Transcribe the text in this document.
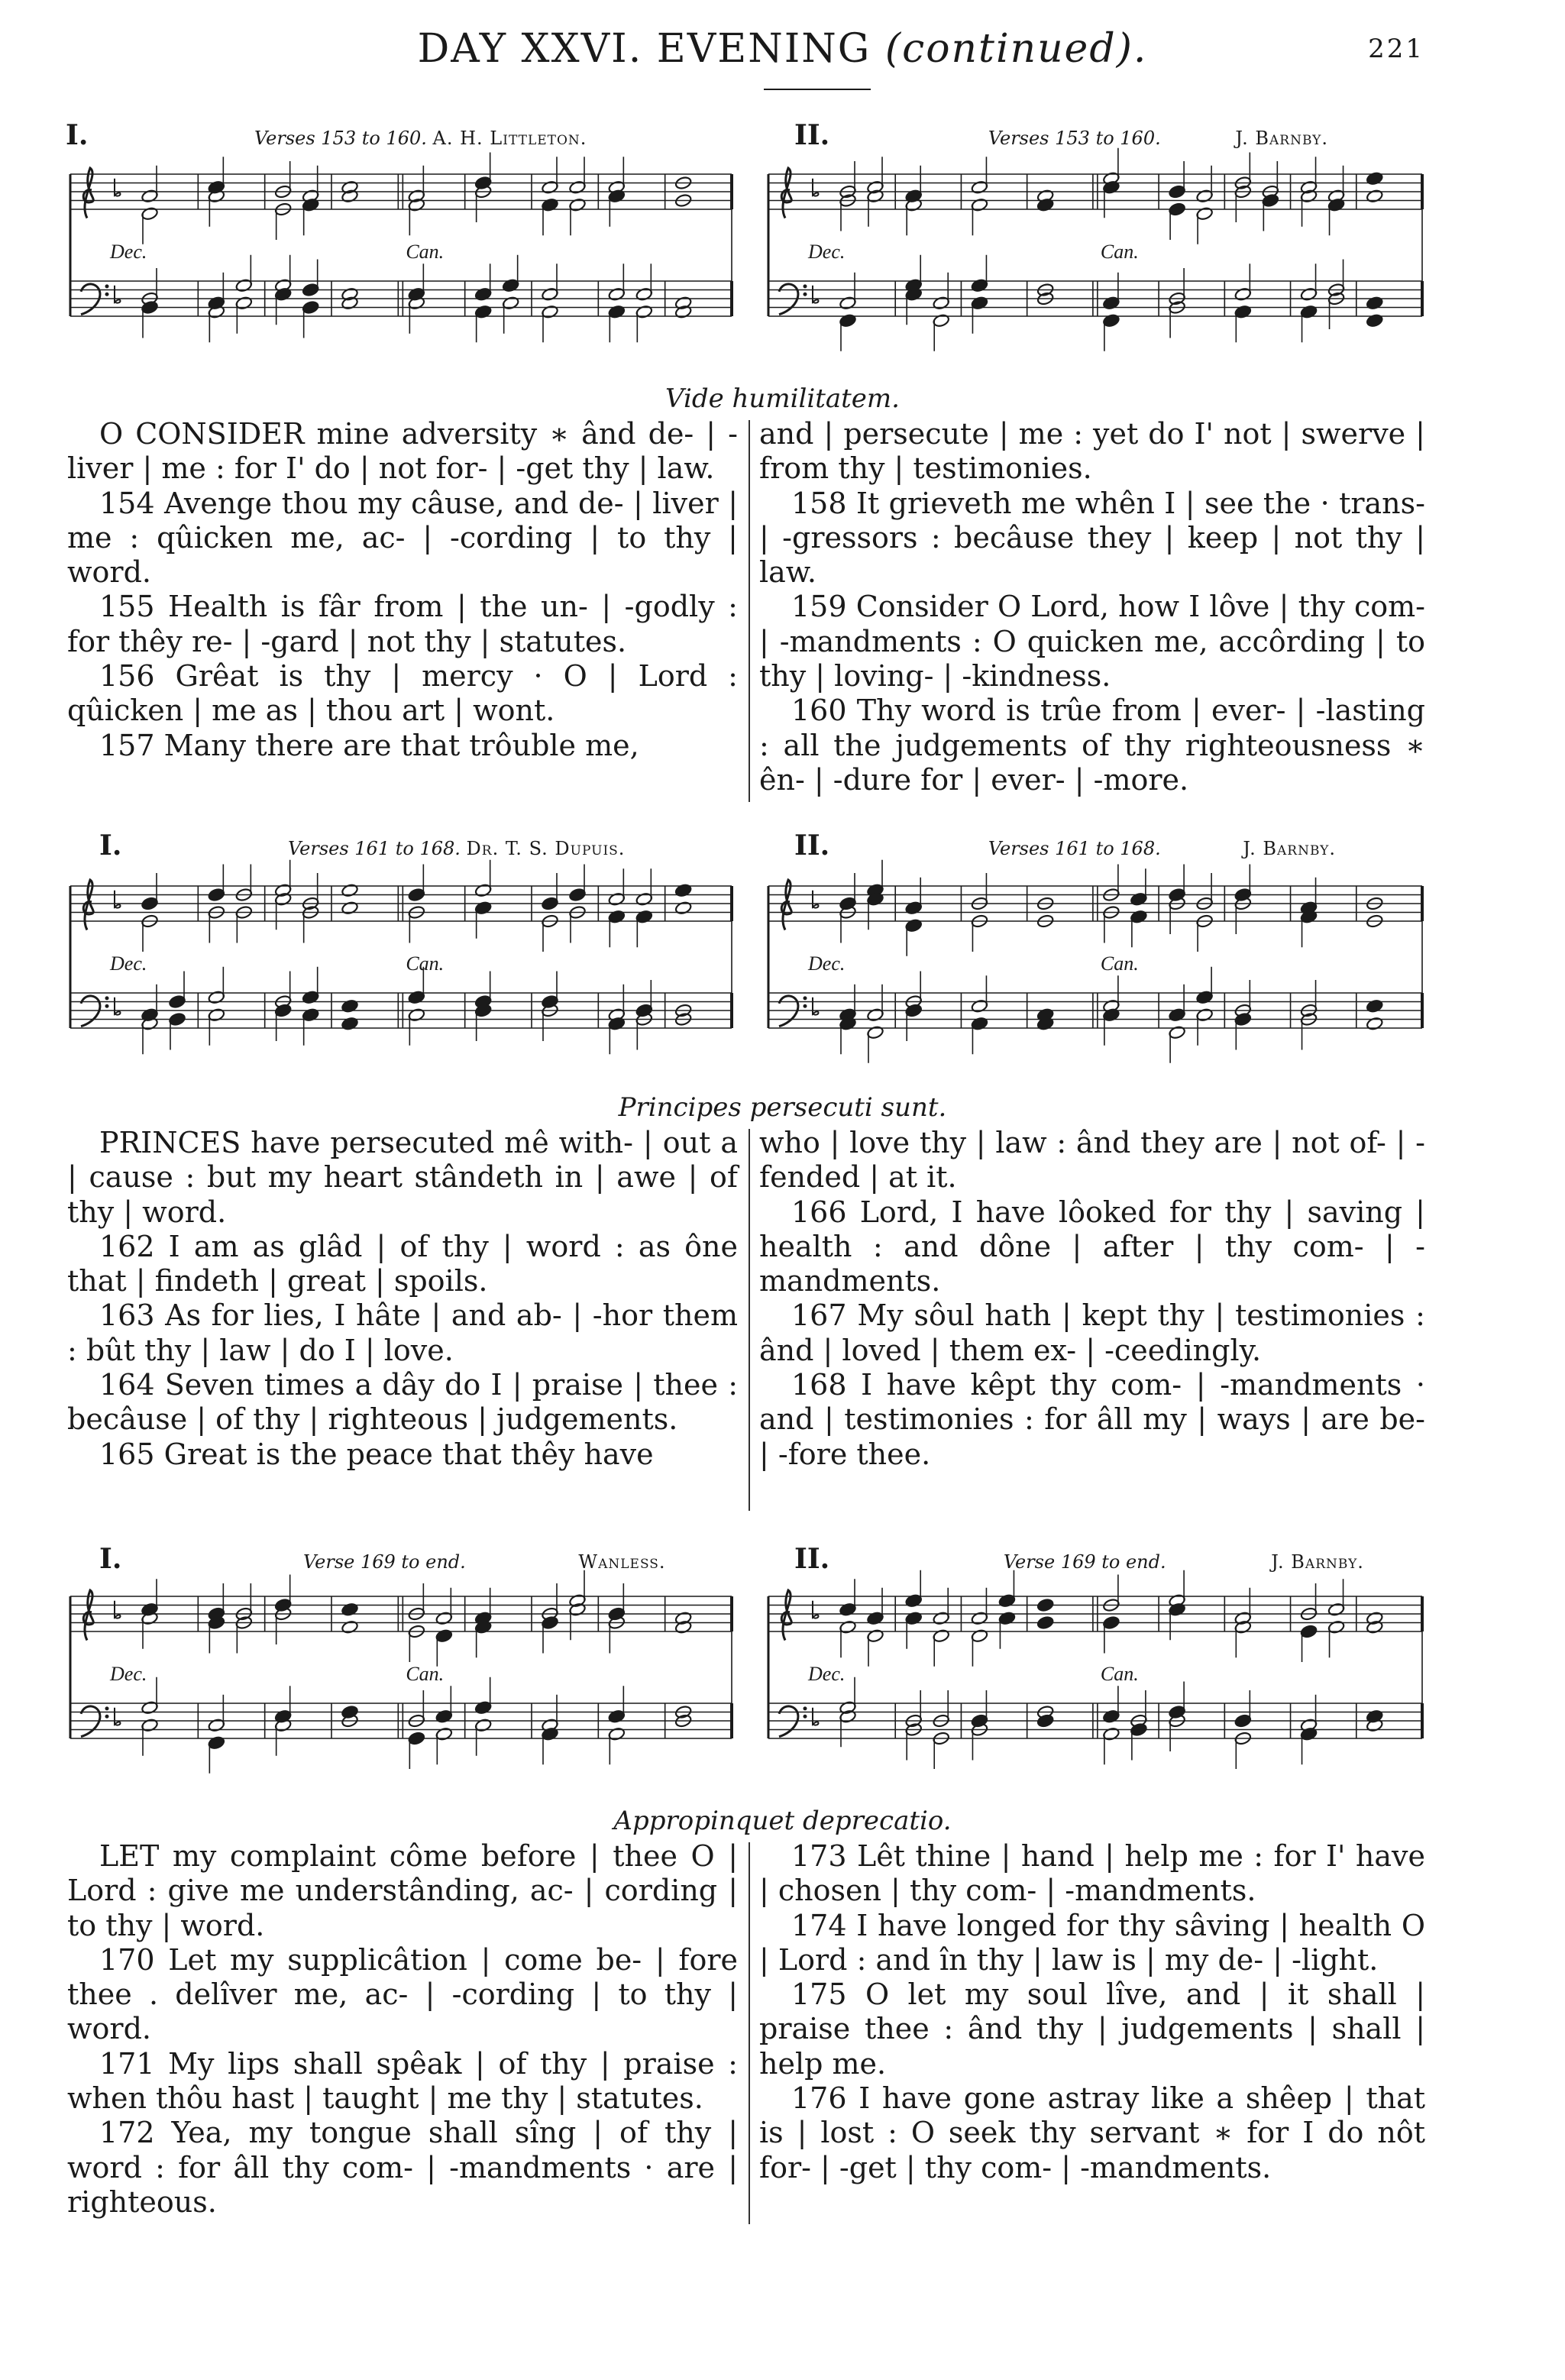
DAY XXVI. EVENING (continued).	221
I.	Verses 153 to 160. A. H. Littleton.	II.	Verses 153 to 160.	J. Barnby.
Dec.	Can.	Dec.	Can.
Vide humilitatem.

O CONSIDER mine adversity ∗ ând de- | -liver | me : for I' do | not for- | -get thy | law.

154 Avenge thou my câuse, and de- | liver | me : qûicken me, ac- | -cording | to thy | word.

155 Health is fâr from | the un- | -godly : for thêy re- | -gard | not thy | statutes.

156 Grêat is thy | mercy · O | Lord : qûicken | me as | thou art | wont.

157 Many there are that trôuble me,

and | persecute | me : yet do I' not | swerve | from thy | testimonies.

158 It grieveth me whên I | see the · trans- | -gressors : becâuse they | keep | not thy | law.

159 Consider O Lord, how I lôve | thy com- | -mandments : O quicken me, accôrding | to thy | loving- | -kindness.

160 Thy word is trûe from | ever- | -lasting : all the judgements of thy righteousness ∗ ên- | -dure for | ever- | -more.

I.	Verses 161 to 168. Dr. T. S. Dupuis.	II.	Verses 161 to 168.	J. Barnby.
Dec.	Can.	Dec.	Can.
Principes persecuti sunt.

PRINCES have persecuted mê with- | out a | cause : but my heart stândeth in | awe | of thy | word.

162 I am as glâd | of thy | word : as ône that | findeth | great | spoils.

163 As for lies, I hâte | and ab- | -hor them : bût thy | law | do I | love.

164 Seven times a dây do I | praise | thee : becâuse | of thy | righteous | judgements.

165 Great is the peace that thêy have

who | love thy | law : ând they are | not of- | -fended | at it.

166 Lord, I have lôoked for thy | saving | health : and dône | after | thy com- | -mandments.

167 My sôul hath | kept thy | testimonies : ând | loved | them ex- | -ceedingly.

168 I have kêpt thy com- | -mandments · and | testimonies : for âll my | ways | are be- | -fore thee.

I.	Verse 169 to end.	Wanless.	II.	Verse 169 to end.	J. Barnby.
Dec.	Can.	Dec.	Can.
Appropinquet deprecatio.

LET my complaint côme before | thee O | Lord : give me understânding, ac- | cording | to thy | word.

170 Let my supplicâtion | come be- | fore thee . delîver me, ac- | -cording | to thy | word.

171 My lips shall spêak | of thy | praise : when thôu hast | taught | me thy | statutes.

172 Yea, my tongue shall sîng | of thy | word : for âll thy com- | -mandments · are | righteous.

173 Lêt thine | hand | help me : for I' have | chosen | thy com- | -mandments.

174 I have longed for thy sâving | health O | Lord : and în thy | law is | my de- | -light.

175 O let my soul lîve, and | it shall | praise thee : ând thy | judgements | shall | help me.

176 I have gone astray like a shêep | that is | lost : O seek thy servant ∗ for I do nôt for- | -get | thy com- | -mandments.
